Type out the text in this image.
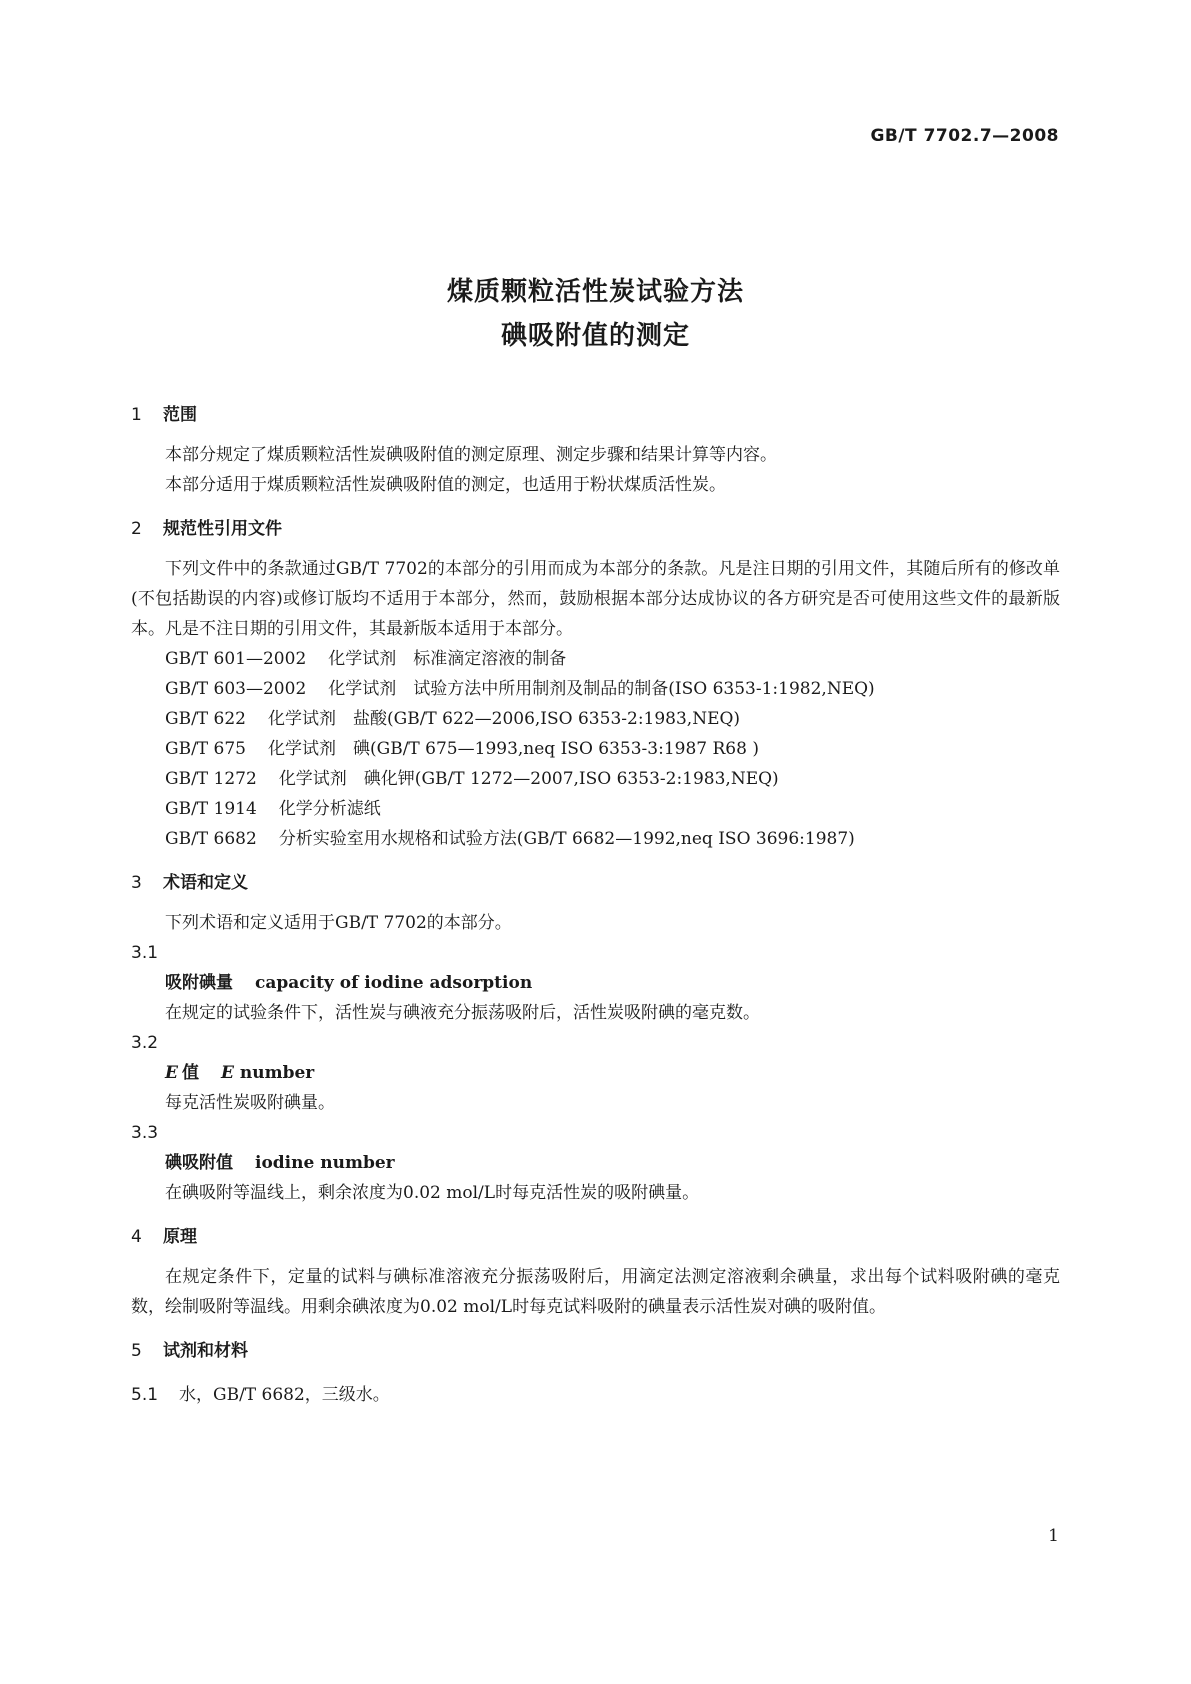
GB/T 7702.7—2008
煤质颗粒活性炭试验方法
碘吸附值的测定
1 范围

本部分规定了煤质颗粒活性炭碘吸附值的测定原理、测定步骤和结果计算等内容。

本部分适用于煤质颗粒活性炭碘吸附值的测定，也适用于粉状煤质活性炭。

2 规范性引用文件

下列文件中的条款通过GB/T 7702的本部分的引用而成为本部分的条款。凡是注日期的引用文件，其随后所有的修改单(不包括勘误的内容)或修订版均不适用于本部分，然而，鼓励根据本部分达成协议的各方研究是否可使用这些文件的最新版本。凡是不注日期的引用文件，其最新版本适用于本部分。

GB/T 601—2002 化学试剂　标准滴定溶液的制备

GB/T 603—2002 化学试剂　试验方法中所用制剂及制品的制备(ISO 6353-1:1982,NEQ)

GB/T 622 化学试剂　盐酸(GB/T 622—2006,ISO 6353-2:1983,NEQ)

GB/T 675 化学试剂　碘(GB/T 675—1993,neq ISO 6353-3:1987 R68 )

GB/T 1272 化学试剂　碘化钾(GB/T 1272—2007,ISO 6353-2:1983,NEQ)

GB/T 1914 化学分析滤纸

GB/T 6682 分析实验室用水规格和试验方法(GB/T 6682—1992,neq ISO 3696:1987)

3 术语和定义

下列术语和定义适用于GB/T 7702的本部分。

3.1
吸附碘量 capacity of iodine adsorption

在规定的试验条件下，活性炭与碘液充分振荡吸附后，活性炭吸附碘的毫克数。

3.2
E 值 E number

每克活性炭吸附碘量。

3.3
碘吸附值 iodine number

在碘吸附等温线上，剩余浓度为0.02 mol/L时每克活性炭的吸附碘量。

4 原理

在规定条件下，定量的试料与碘标准溶液充分振荡吸附后，用滴定法测定溶液剩余碘量，求出每个试料吸附碘的毫克数，绘制吸附等温线。用剩余碘浓度为0.02 mol/L时每克试料吸附的碘量表示活性炭对碘的吸附值。

5 试剂和材料
5.1 水，GB/T 6682，三级水。
1
